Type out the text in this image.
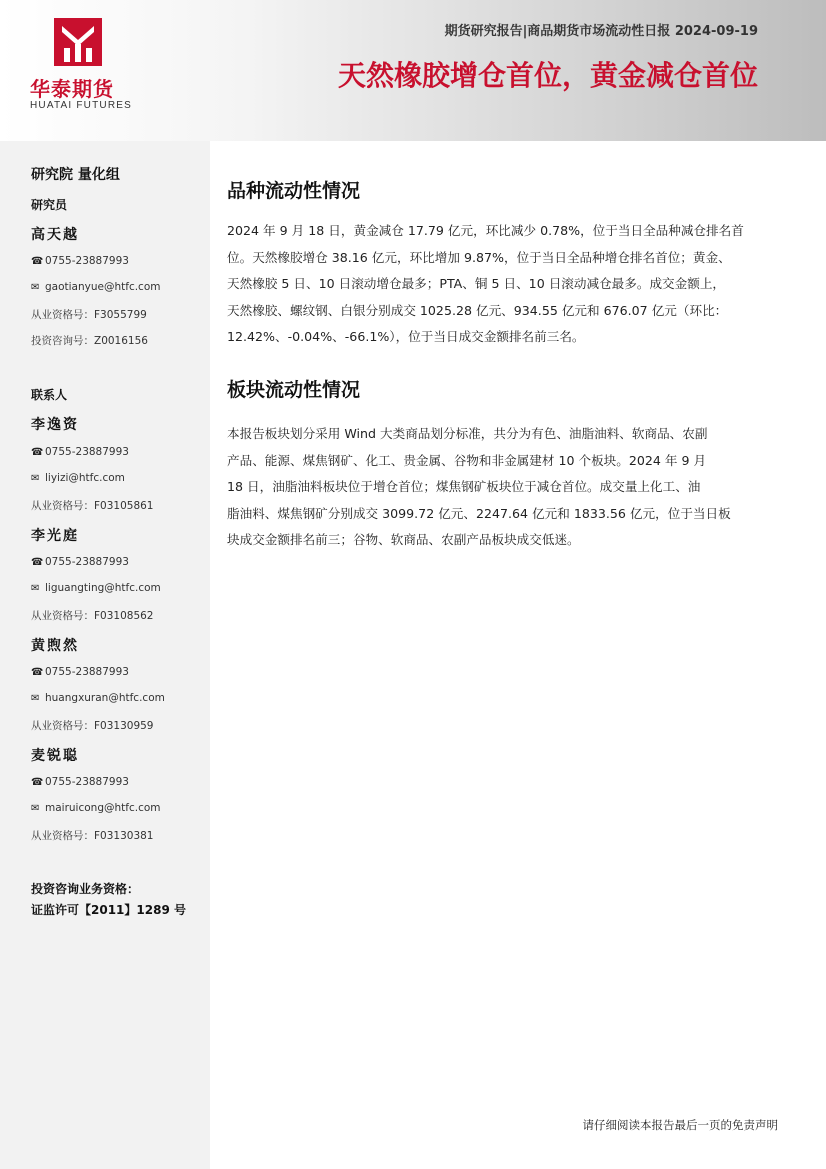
华泰期货
HUATAI FUTURES
期货研究报告|商品期货市场流动性日报 2024-09-19
天然橡胶增仓首位，黄金减仓首位
研究院 量化组
研究员
高天越
☎ 0755-23887993
✉ gaotianyue@htfc.com
从业资格号：F3055799
投资咨询号：Z0016156
联系人
李逸资
☎ 0755-23887993
✉ liyizi@htfc.com
从业资格号：F03105861
李光庭
☎ 0755-23887993
✉ liguangting@htfc.com
从业资格号：F03108562
黄煦然
☎ 0755-23887993
✉ huangxuran@htfc.com
从业资格号：F03130959
麦锐聪
☎ 0755-23887993
✉ mairuicong@htfc.com
从业资格号：F03130381
投资咨询业务资格：
证监许可【2011】1289 号
品种流动性情况
2024 年 9 月 18 日，黄金减仓 17.79 亿元，环比减少 0.78%，位于当日全品种减仓排名首
位。天然橡胶增仓 38.16 亿元，环比增加 9.87%，位于当日全品种增仓排名首位；黄金、
天然橡胶 5 日、10 日滚动增仓最多；PTA、铜 5 日、10 日滚动减仓最多。成交金额上，
天然橡胶、螺纹钢、白银分别成交 1025.28 亿元、934.55 亿元和 676.07 亿元（环比：
12.42%、-0.04%、-66.1%），位于当日成交金额排名前三名。
板块流动性情况
本报告板块划分采用 Wind 大类商品划分标准，共分为有色、油脂油料、软商品、农副
产品、能源、煤焦钢矿、化工、贵金属、谷物和非金属建材 10 个板块。2024 年 9 月
18 日，油脂油料板块位于增仓首位；煤焦钢矿板块位于减仓首位。成交量上化工、油
脂油料、煤焦钢矿分别成交 3099.72 亿元、2247.64 亿元和 1833.56 亿元，位于当日板
块成交金额排名前三；谷物、软商品、农副产品板块成交低迷。
请仔细阅读本报告最后一页的免责声明
